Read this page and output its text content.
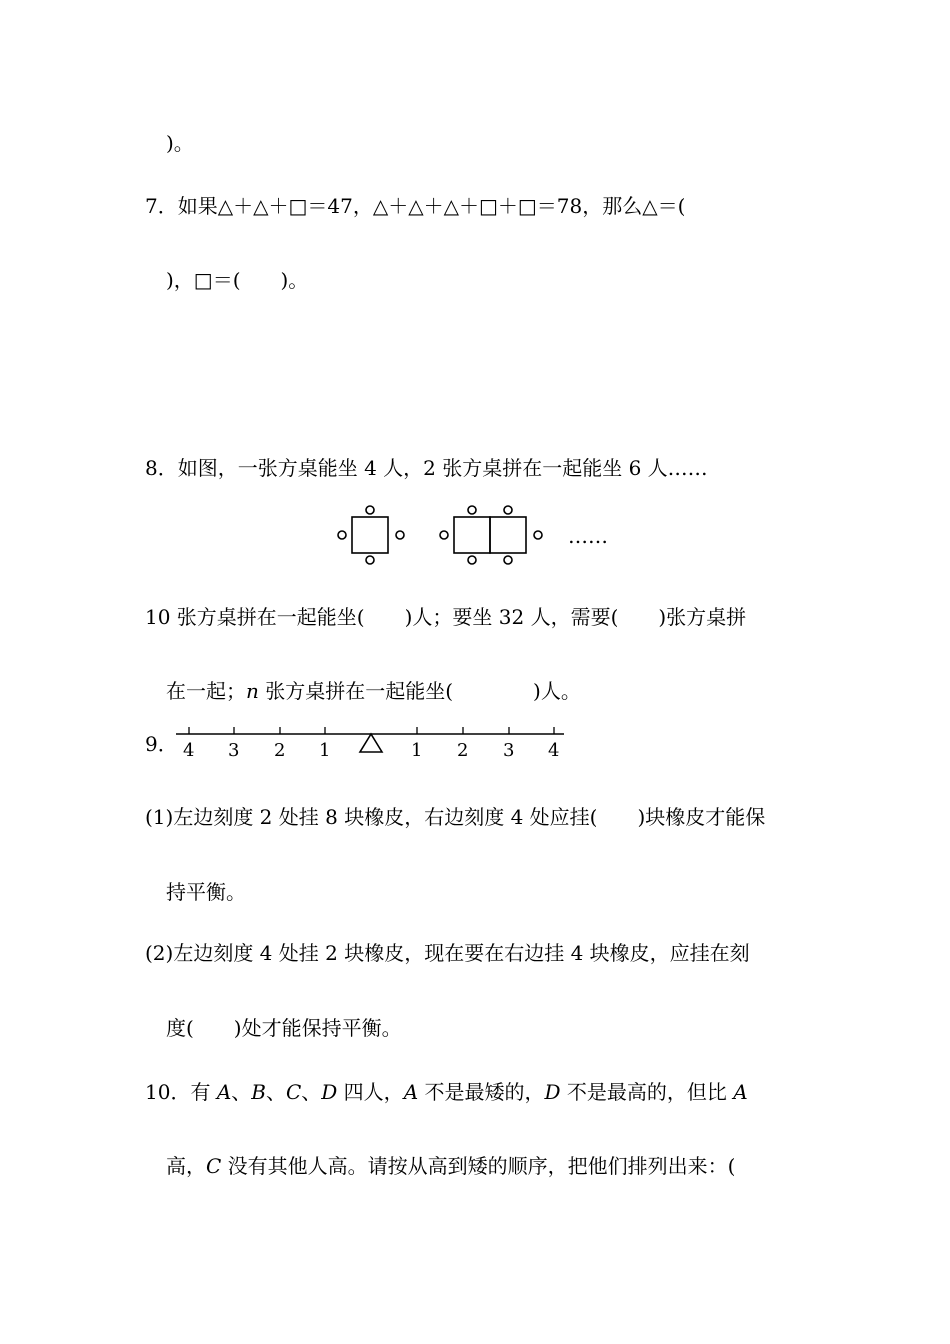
)。
7．如果△＋△＋□＝47，△＋△＋△＋□＋□＝78，那么△＝(
)，□＝(　　)。
8．如图，一张方桌能坐 4 人，2 张方桌拼在一起能坐 6 人……
……
10 张方桌拼在一起能坐(　　)人；要坐 32 人，需要(　　)张方桌拼
在一起；n 张方桌拼在一起能坐(　　　　)人。
9． 4 3 2 1	1 2 3 4
(1)左边刻度 2 处挂 8 块橡皮，右边刻度 4 处应挂(　　)块橡皮才能保
持平衡。
(2)左边刻度 4 处挂 2 块橡皮，现在要在右边挂 4 块橡皮，应挂在刻
度(　　)处才能保持平衡。
10．有 A、B、C、D 四人，A 不是最矮的，D 不是最高的，但比 A
高，C 没有其他人高。请按从高到矮的顺序，把他们排列出来：(
